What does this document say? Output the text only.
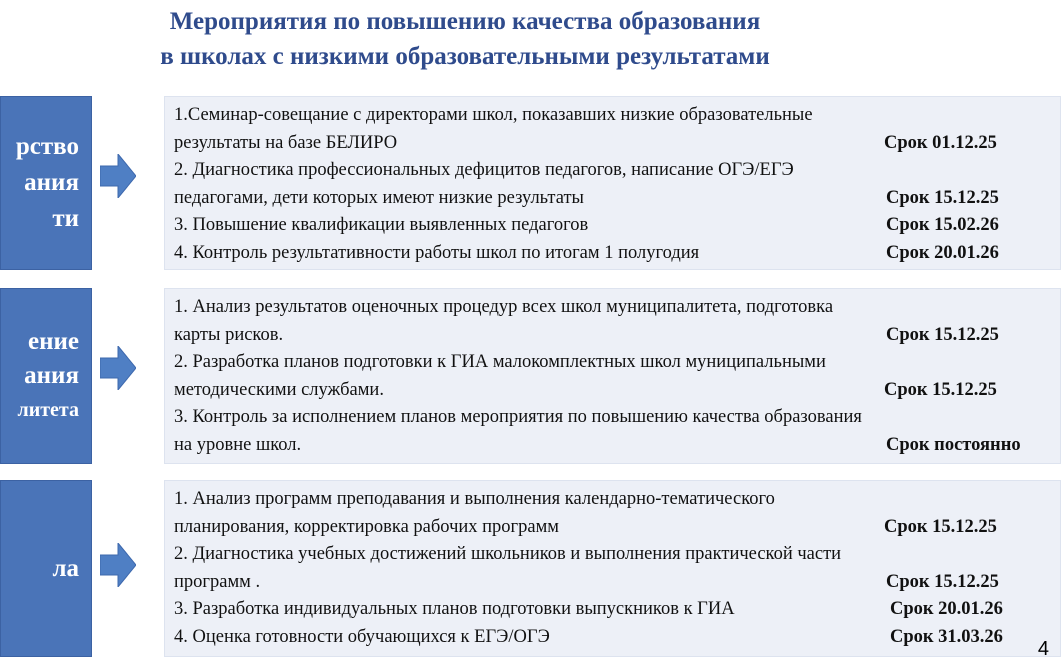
Мероприятия по повышению качества образования
в школах с низкими образовательными результатами
рство
ания
ти
1.Семинар-совещание с директорами школ, показавших низкие образовательные
результаты на базе БЕЛИРО	Срок 01.12.25
2. Диагностика профессиональных дефицитов педагогов, написание ОГЭ/ЕГЭ
педагогами, дети которых имеют низкие результаты	Срок 15.12.25
3. Повышение квалификации выявленных педагогов	Срок 15.02.26
4. Контроль результативности работы школ по итогам 1 полугодия	Срок 20.01.26
ение
ания
литета
1. Анализ результатов оценочных процедур всех школ муниципалитета, подготовка
карты рисков.	Срок 15.12.25
2. Разработка планов подготовки к ГИА малокомплектных школ муниципальными
методическими службами.	Срок 15.12.25
3. Контроль за исполнением планов мероприятия по повышению качества образования
на уровне школ.	Срок постоянно
ла
1. Анализ программ преподавания и выполнения календарно-тематического
планирования, корректировка рабочих программ	Срок 15.12.25
2. Диагностика учебных достижений школьников и выполнения практической части
программ .	Срок 15.12.25
3. Разработка индивидуальных планов подготовки выпускников к ГИА	Срок 20.01.26
4. Оценка готовности обучающихся к ЕГЭ/ОГЭ	Срок 31.03.26
4
